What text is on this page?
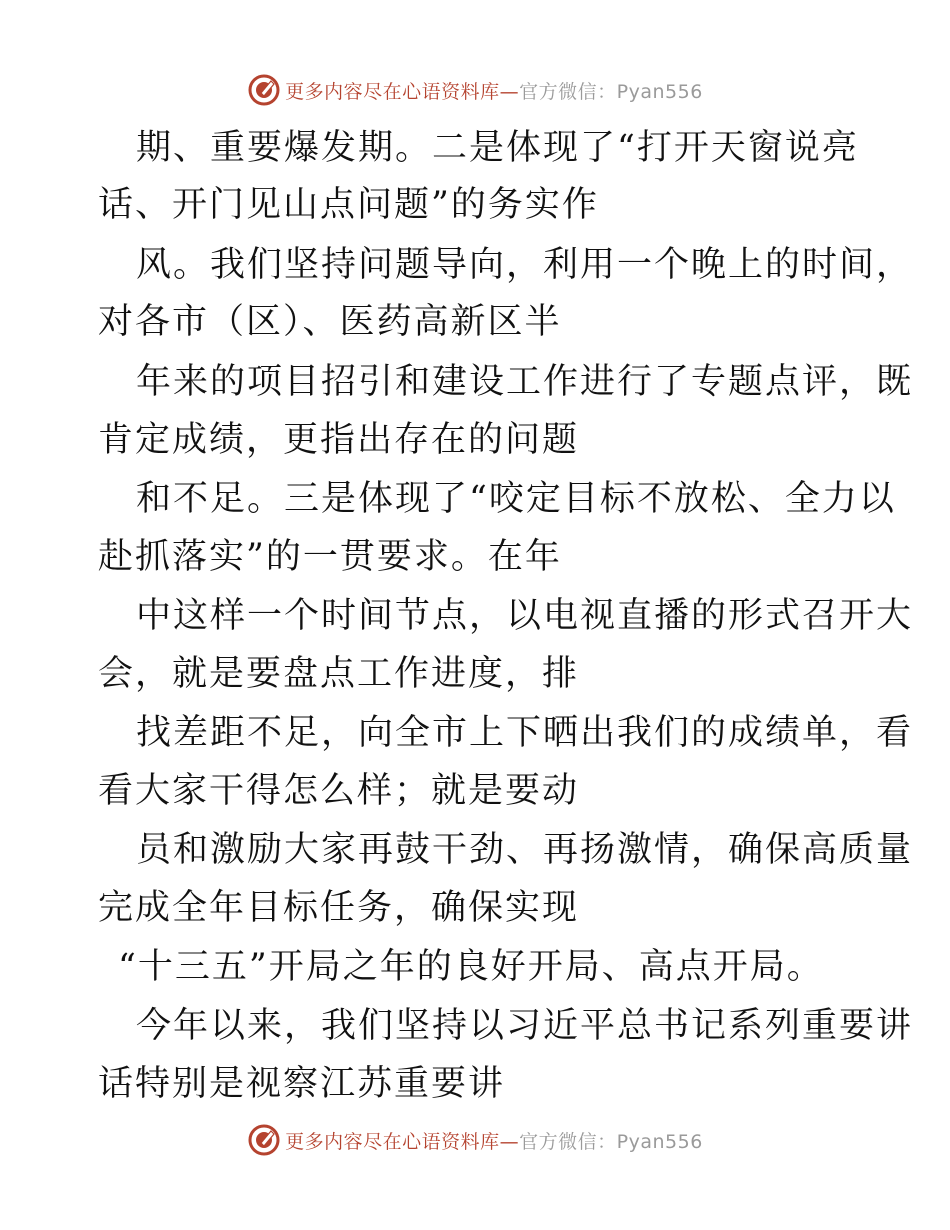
更多内容尽在心语资料库—官方微信：Pyan556
期、重要爆发期。二是体现了“打开天窗说亮
话、开门见山点问题”的务实作
风。我们坚持问题导向，利用一个晚上的时间，
对各市（区）、医药高新区半
年来的项目招引和建设工作进行了专题点评，既
肯定成绩，更指出存在的问题
和不足。三是体现了“咬定目标不放松、全力以
赴抓落实”的一贯要求。在年
中这样一个时间节点，以电视直播的形式召开大
会，就是要盘点工作进度，排
找差距不足，向全市上下晒出我们的成绩单，看
看大家干得怎么样；就是要动
员和激励大家再鼓干劲、再扬激情，确保高质量
完成全年目标任务，确保实现
“十三五”开局之年的良好开局、高点开局。
今年以来，我们坚持以习近平总书记系列重要讲
话特别是视察江苏重要讲
更多内容尽在心语资料库—官方微信：Pyan556
